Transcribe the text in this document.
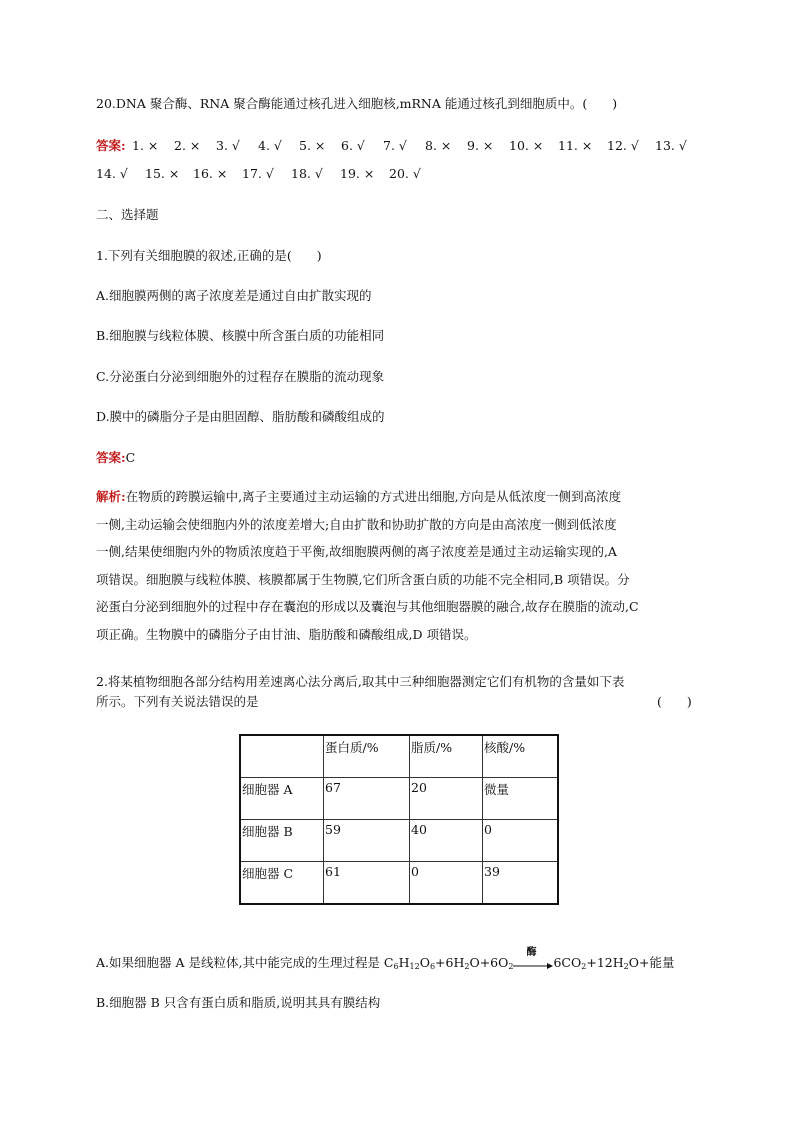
20.DNA 聚合酶、RNA 聚合酶能通过核孔进入细胞核,mRNA 能通过核孔到细胞质中。(　　)
答案: 1. × 2. × 3. √ 4. √ 5. × 6. √ 7. √ 8. × 9. × 10. × 11. × 12. √ 13. √
14. √ 15. × 16. × 17. √ 18. √ 19. × 20. √
二、选择题
1.下列有关细胞膜的叙述,正确的是(　　)
A.细胞膜两侧的离子浓度差是通过自由扩散实现的
B.细胞膜与线粒体膜、核膜中所含蛋白质的功能相同
C.分泌蛋白分泌到细胞外的过程存在膜脂的流动现象
D.膜中的磷脂分子是由胆固醇、脂肪酸和磷酸组成的
答案:C
解析:在物质的跨膜运输中,离子主要通过主动运输的方式进出细胞,方向是从低浓度一侧到高浓度
一侧,主动运输会使细胞内外的浓度差增大;自由扩散和协助扩散的方向是由高浓度一侧到低浓度
一侧,结果使细胞内外的物质浓度趋于平衡,故细胞膜两侧的离子浓度差是通过主动运输实现的,A
项错误。细胞膜与线粒体膜、核膜都属于生物膜,它们所含蛋白质的功能不完全相同,B 项错误。分
泌蛋白分泌到细胞外的过程中存在囊泡的形成以及囊泡与其他细胞器膜的融合,故存在膜脂的流动,C
项正确。生物膜中的磷脂分子由甘油、脂肪酸和磷酸组成,D 项错误。
2.将某植物细胞各部分结构用差速离心法分离后,取其中三种细胞器测定它们有机物的含量如下表
所示。下列有关说法错误的是	(　　)
	蛋白质/%	脂质/%	核酸/%
细胞器 A	67	20	微量
细胞器 B	59	40	0
细胞器 C	61	0	39
A.如果细胞器 A 是线粒体,其中能完成的生理过程是 $C_6H_{12}O_6+6H_2O+6O_2$
酶
$6CO_2+12H_2O+$能量
B.细胞器 B 只含有蛋白质和脂质,说明其具有膜结构
